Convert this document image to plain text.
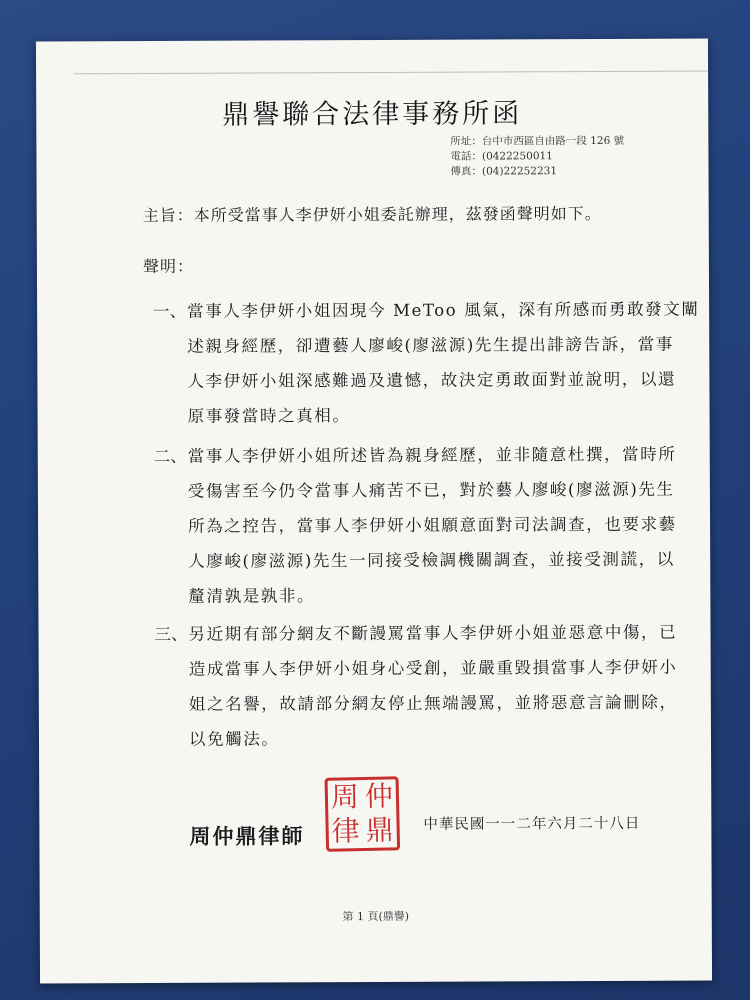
鼎譽聯合法律事務所函
所址：台中市西區自由路一段 126 號
電話：(0422250011
傳真：(04)22252231
主旨：本所受當事人李伊妍小姐委託辦理，茲發函聲明如下。
聲明：
一、 當事人李伊妍小姐因現今 MeToo 風氣，深有所感而勇敢發文闡
述親身經歷，卻遭藝人廖峻(廖滋源)先生提出誹謗告訴，當事
人李伊妍小姐深感難過及遺憾，故決定勇敢面對並說明，以還
原事發當時之真相。
二、 當事人李伊妍小姐所述皆為親身經歷，並非隨意杜撰，當時所
受傷害至今仍令當事人痛苦不已，對於藝人廖峻(廖滋源)先生
所為之控告，當事人李伊妍小姐願意面對司法調查，也要求藝
人廖峻(廖滋源)先生一同接受檢調機關調查，並接受測謊，以
釐清孰是孰非。
三、 另近期有部分網友不斷謾罵當事人李伊妍小姐並惡意中傷，已
造成當事人李伊妍小姐身心受創，並嚴重毀損當事人李伊妍小
姐之名譽，故請部分網友停止無端謾罵，並將惡意言論刪除，
以免觸法。
周仲鼎律師
周 仲
律 鼎 中華民國一一二年六月二十八日
第 1 頁(鼎譽)
